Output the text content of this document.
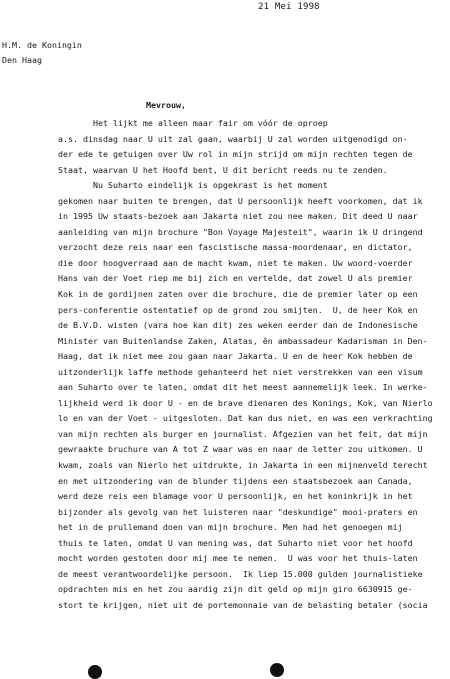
21 Mei 1998
H.M. de Koningin
Den Haag
Mevrouw,
Het lijkt me alleen maar fair om vóór de oproep
a.s. dinsdag naar U uit zal gaan, waarbij U zal worden uitgenodigd on-
der ede te getuigen over Uw rol in mijn strijd om mijn rechten tegen de
Staat, waarvan U het Hoofd bent, U dit bericht reeds nu te zenden.
Nu Suharto eindelijk is opgekrast is het moment
gekomen naar buiten te brengen, dat U persoonlijk heeft voorkomen, dat ik
in 1995 Uw staats-bezoek aan Jakarta niet zou nee maken. Dit deed U naar
aanleiding van mijn brochure "Bon Voyage Majesteit", waarin ik U dringend
verzocht deze reis naar een fascistische massa-moordenaar, en dictator,
die door hoogverraad aan de macht kwam, niet te maken. Uw woord-voerder
Hans van der Voet riep me bij zich en vertelde, dat zowel U als premier
Kok in de gordijnen zaten over die brochure, die de premier later op een
pers-conferentie ostentatief op de grond zou smijten.  U, de heer Kok en
de B.V.D. wisten (vara hoe kan dit) zes weken eerder dan de Indonesische
Minister van Buitenlandse Zaken, Alatas, ên ambassadeur Kadarisman in Den-
Haag, dat ik niet mee zou gaan naar Jakarta. U en de heer Kok hebben de
uitzonderlijk laffe methode gehanteerd het niet verstrekken van een visum
aan Suharto over te laten, omdat dit het meest aannemelijk leek. In werke-
lijkheid werd ik door U - en de brave dienaren des Konings, Kok, van Nierlo
lo en van der Voet - uitgesloten. Dat kan dus niet, en was een verkrachting
van mijn rechten als burger en journalist. Afgezien van het feit, dat mijn
gewraakte bruchure van A tot Z waar was en naar de letter zou uitkomen. U
kwam, zoals van Nierlo het uitdrukte, in Jakarta in een mijnenveld terecht
en met uitzondering van de blunder tijdens een staatsbezoek aan Canada,
werd deze reis een blamage voor U persoonlijk, en het koninkrijk in het
bijzonder als gevolg van het luisteren naar "deskundige" mooi-praters en
het in de prullemand doen van mijn brochure. Men had het genoegen mij
thuis te laten, omdat U van mening was, dat Suharto niet voor het hoofd
mocht worden gestoten door mij mee te nemen.  U was voor het thuis-laten
de meest verantwoordelijke persoon.  Ik liep 15.000 gulden journalistieke
opdrachten mis en het zou aardig zijn dit geld op mijn giro 6630915 ge-
stort te krijgen, niet uit de portemonnaie van de belasting betaler (socia
